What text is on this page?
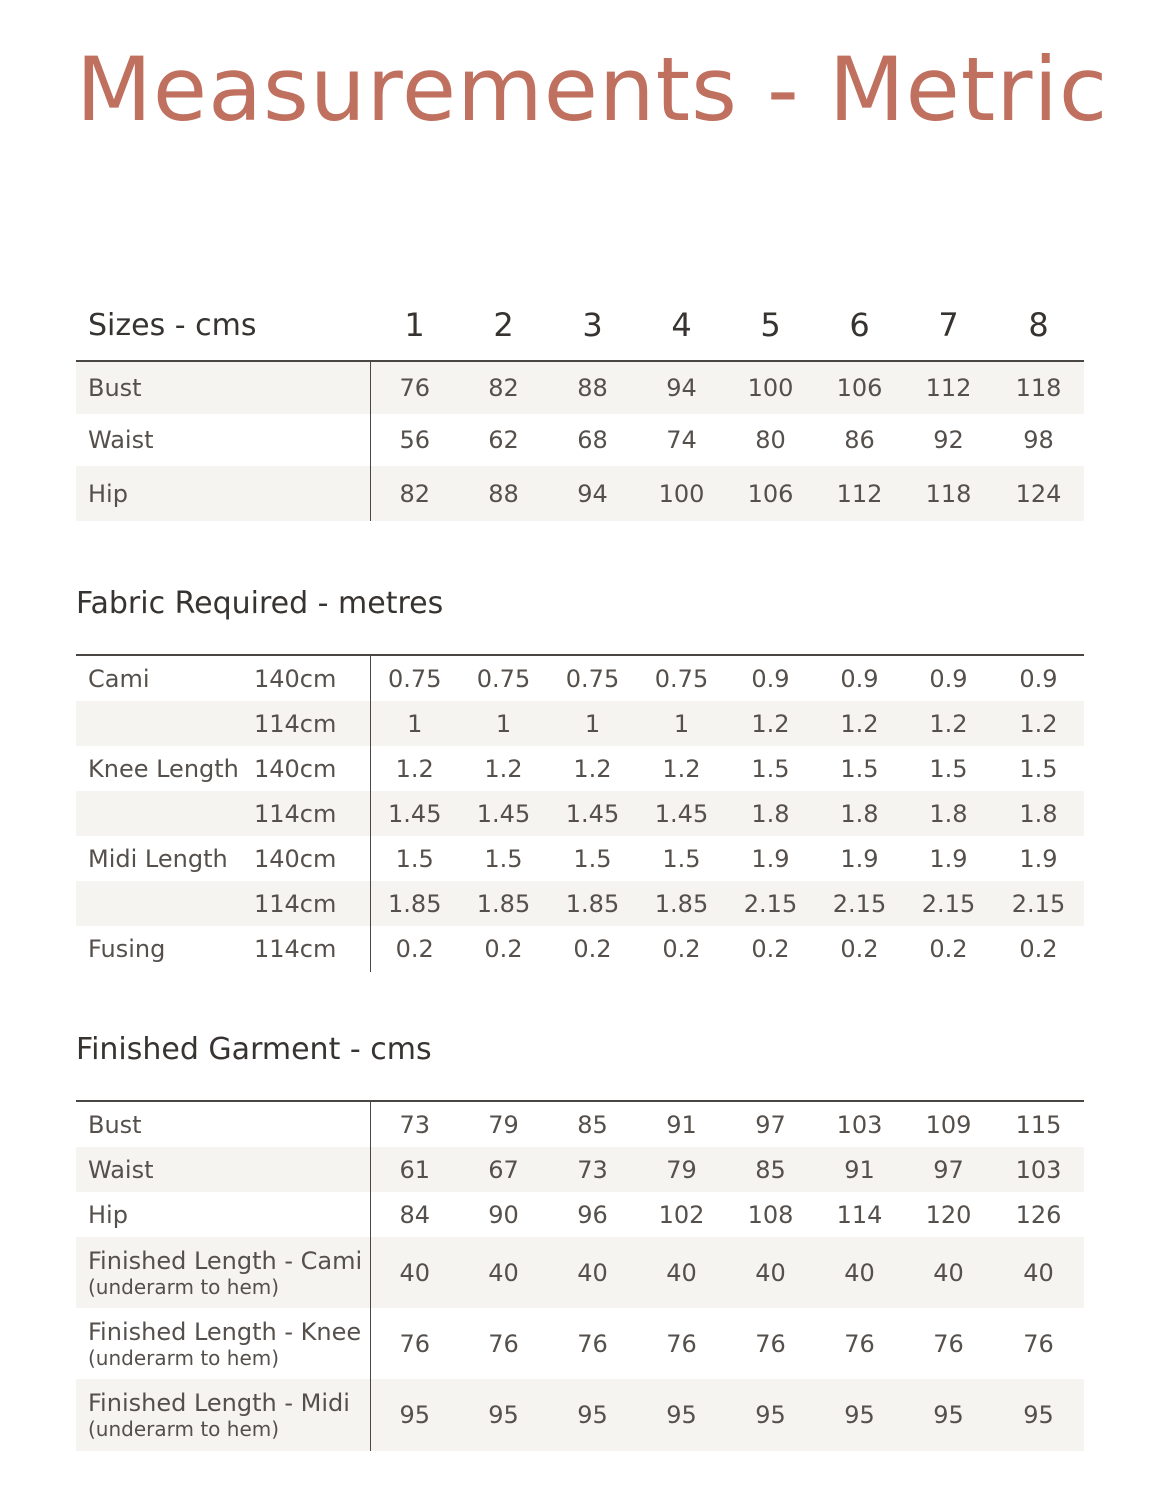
Measurements - Metric
Sizes - cms	1	2	3	4	5	6	7	8
Bust	76	82	88	94	100	106	112	118
Waist	56	62	68	74	80	86	92	98
Hip	82	88	94	100	106	112	118	124
Fabric Required - metres
Cami	140cm	0.75	0.75	0.75	0.75	0.9	0.9	0.9	0.9
	114cm	1	1	1	1	1.2	1.2	1.2	1.2
Knee Length	140cm	1.2	1.2	1.2	1.2	1.5	1.5	1.5	1.5
	114cm	1.45	1.45	1.45	1.45	1.8	1.8	1.8	1.8
Midi Length	140cm	1.5	1.5	1.5	1.5	1.9	1.9	1.9	1.9
	114cm	1.85	1.85	1.85	1.85	2.15	2.15	2.15	2.15
Fusing	114cm	0.2	0.2	0.2	0.2	0.2	0.2	0.2	0.2
Finished Garment - cms
Bust	73	79	85	91	97	103	109	115
Waist	61	67	73	79	85	91	97	103
Hip	84	90	96	102	108	114	120	126

Finished Length - Cami
(underarm to hem)	40	40	40	40	40	40	40	40

Finished Length - Knee
(underarm to hem)	76	76	76	76	76	76	76	76

Finished Length - Midi
(underarm to hem)	95	95	95	95	95	95	95	95
